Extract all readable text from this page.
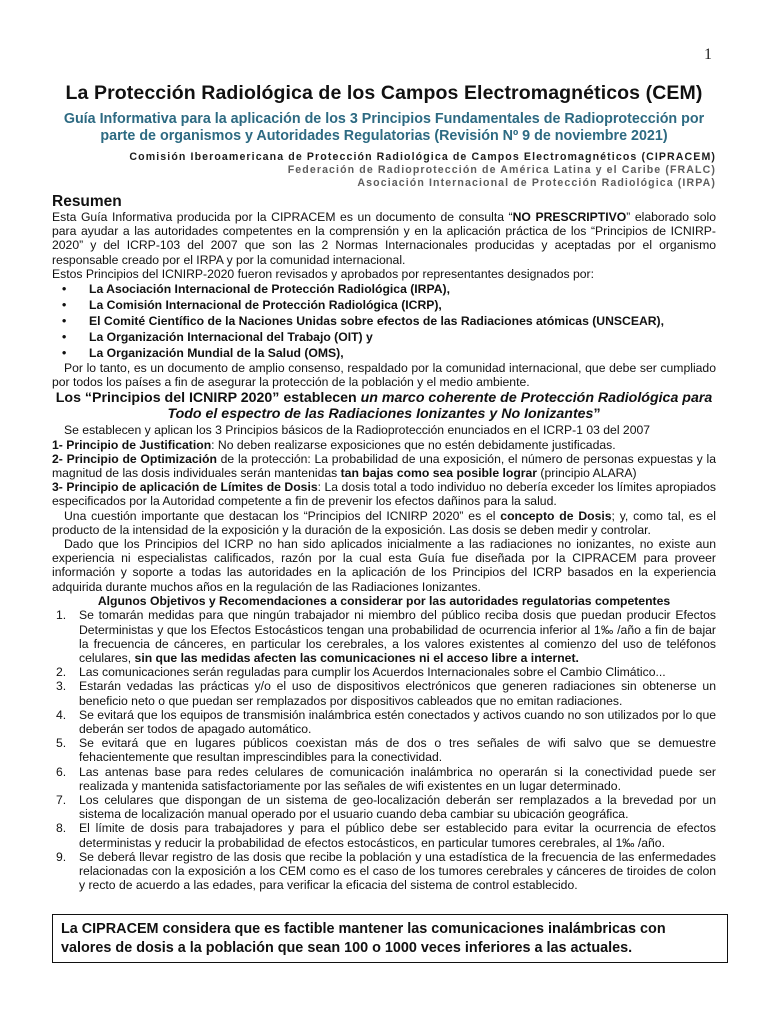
1
La Protección Radiológica de los Campos Electromagnéticos (CEM)
Guía Informativa para la aplicación de los 3 Principios Fundamentales de Radioprotección por parte de organismos y Autoridades Regulatorias (Revisión Nº 9 de noviembre 2021)
Comisión Iberoamericana de Protección Radiológica de Campos Electromagnéticos (CIPRACEM)
Federación de Radioprotección de América Latina y el Caribe (FRALC)
Asociación Internacional de Protección Radiológica (IRPA)
Resumen

Esta Guía Informativa producida por la CIPRACEM es un documento de consulta “NO PRESCRIPTIVO” elaborado solo para ayudar a las autoridades competentes en la comprensión y en la aplicación práctica de los “Principios de ICNIRP-2020” y del ICRP-103 del 2007 que son las 2 Normas Internacionales producidas y aceptadas por el organismo responsable creado por el IRPA y por la comunidad internacional.

Estos Principios del ICNIRP-2020 fueron revisados y aprobados por representantes designados por:

•	La Asociación Internacional de Protección Radiológica (IRPA),
•	La Comisión Internacional de Protección Radiológica (ICRP),
•	El Comité Científico de la Naciones Unidas sobre efectos de las Radiaciones atómicas (UNSCEAR),
•	La Organización Internacional del Trabajo (OIT) y
•	La Organización Mundial de la Salud (OMS),

Por lo tanto, es un documento de amplio consenso, respaldado por la comunidad internacional, que debe ser cumpliado por todos los países a fin de asegurar la protección de la población y el medio ambiente.

Los “Principios del ICNIRP 2020” establecen un marco coherente de Protección Radiológica para Todo el espectro de las Radiaciones Ionizantes y No Ionizantes”

Se establecen y aplican los 3 Principios básicos de la Radioprotección enunciados en el ICRP-1 03 del 2007

1- Principio de Justification: No deben realizarse exposiciones que no estén debidamente justificadas.

2- Principio de Optimización de la protección: La probabilidad de una exposición, el número de personas expuestas y la magnitud de las dosis individuales serán mantenidas tan bajas como sea posible lograr (principio ALARA)

3- Principio de aplicación de Límites de Dosis: La dosis total a todo individuo no debería exceder los límites apropiados especificados por la Autoridad competente a fin de prevenir los efectos dañinos para la salud.

Una cuestión importante que destacan los “Principios del ICNIRP 2020” es el concepto de Dosis; y, como tal, es el producto de la intensidad de la exposición y la duración de la exposición. Las dosis se deben medir y controlar.

Dado que los Principios del ICRP no han sido aplicados inicialmente a las radiaciones no ionizantes, no existe aun experiencia ni especialistas calificados, razón por la cual esta Guía fue diseñada por la CIPRACEM para proveer información y soporte a todas las autoridades en la aplicación de los Principios del ICRP basados en la experiencia adquirida durante muchos años en la regulación de las Radiaciones Ionizantes.

Algunos Objetivos y Recomendaciones a considerar por las autoridades regulatorias competentes
1.	Se tomarán medidas para que ningún trabajador ni miembro del público reciba dosis que puedan producir Efectos Deterministas y que los Efectos Estocásticos tengan una probabilidad de ocurrencia inferior al 1‰ /año a fin de bajar la frecuencia de cánceres, en particular los cerebrales, a los valores existentes al comienzo del uso de teléfonos celulares, sin que las medidas afecten las comunicaciones ni el acceso libre a internet.
2.	Las comunicaciones serán reguladas para cumplir los Acuerdos Internacionales sobre el Cambio Climático...
3.	Estarán vedadas las prácticas y/o el uso de dispositivos electrónicos que generen radiaciones sin obtenerse un beneficio neto o que puedan ser remplazados por dispositivos cableados que no emitan radiaciones.
4.	Se evitará que los equipos de transmisión inalámbrica estén conectados y activos cuando no son utilizados por lo que deberán ser todos de apagado automático.
5.	Se evitará que en lugares públicos coexistan más de dos o tres señales de wifi salvo que se demuestre fehacientemente que resultan imprescindibles para la conectividad.
6.	Las antenas base para redes celulares de comunicación inalámbrica no operarán si la conectividad puede ser realizada y mantenida satisfactoriamente por las señales de wifi existentes en un lugar determinado.
7.	Los celulares que dispongan de un sistema de geo-localización deberán ser remplazados a la brevedad por un sistema de localización manual operado por el usuario cuando deba cambiar su ubicación geográfica.
8.	El límite de dosis para trabajadores y para el público debe ser establecido para evitar la ocurrencia de efectos deterministas y reducir la probabilidad de efectos estocásticos, en particular tumores cerebrales, al 1‰ /año.
9.	Se deberá llevar registro de las dosis que recibe la población y una estadística de la frecuencia de las enfermedades relacionadas con la exposición a los CEM como es el caso de los tumores cerebrales y cánceres de tiroides de colon y recto de acuerdo a las edades, para verificar la eficacia del sistema de control establecido.
La CIPRACEM considera que es factible mantener las comunicaciones inalámbricas con valores de dosis a la población que sean 100 o 1000 veces inferiores a las actuales.
